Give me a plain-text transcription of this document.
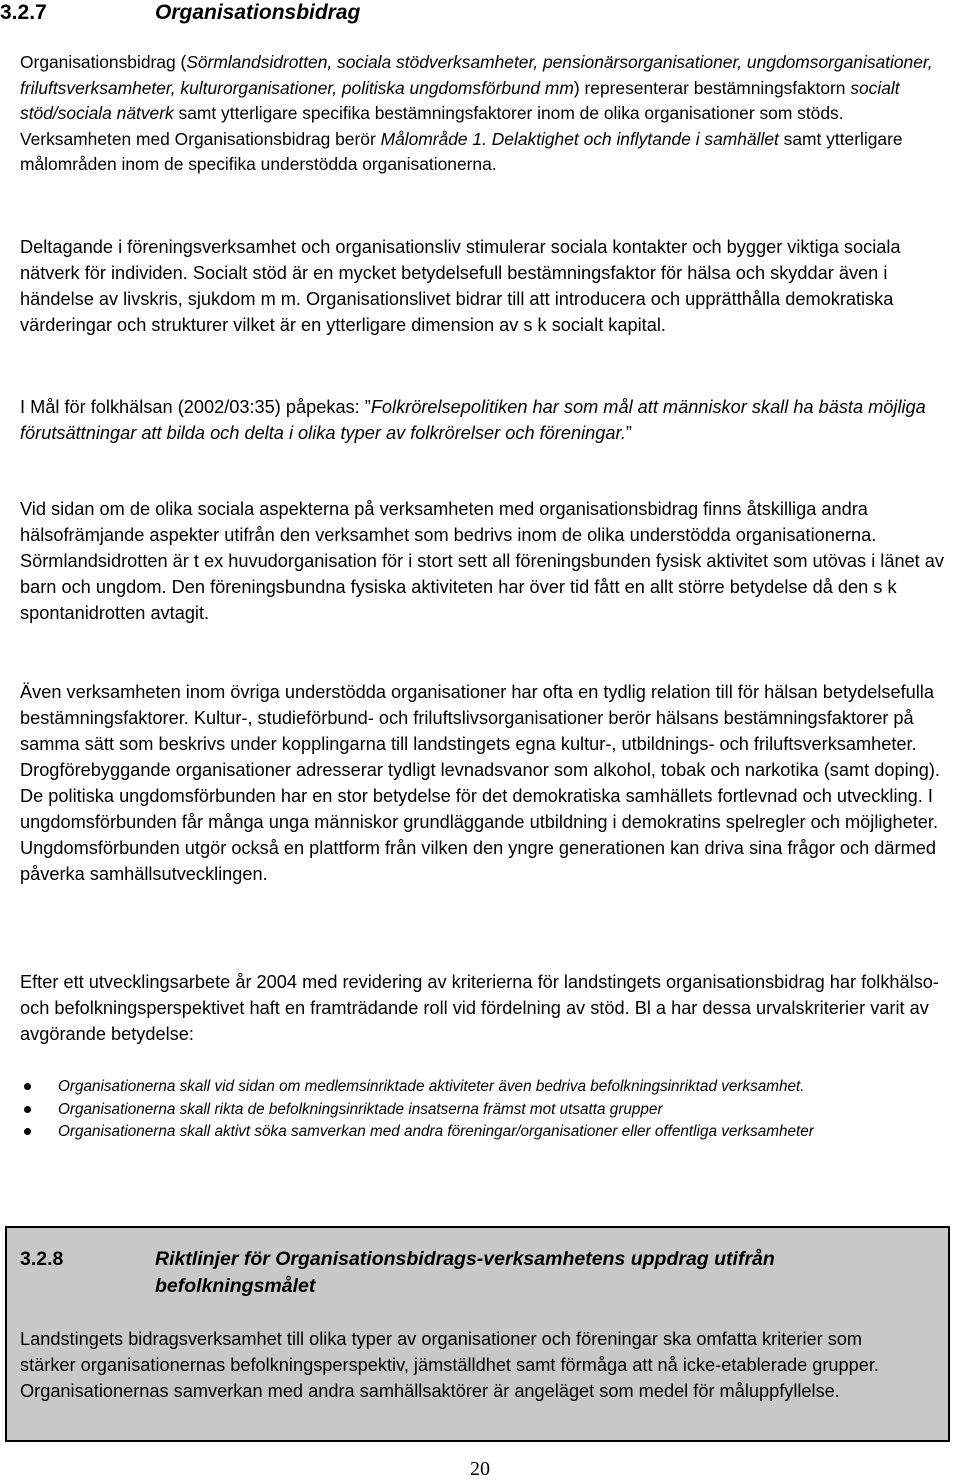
3.2.7	Organisationsbidrag

Organisationsbidrag (Sörmlandsidrotten, sociala stödverksamheter, pensionärsorganisationer, ungdomsorganisationer, friluftsverksamheter, kulturorganisationer, politiska ungdomsförbund mm) representerar bestämningsfaktorn socialt stöd/sociala nätverk samt ytterligare specifika bestämningsfaktorer inom de olika organisationer som stöds. Verksamheten med Organisationsbidrag berör Målområde 1. Delaktighet och inflytande i samhället samt ytterligare målområden inom de specifika understödda organisationerna.

Deltagande i föreningsverksamhet och organisationsliv stimulerar sociala kontakter och bygger viktiga sociala nätverk för individen. Socialt stöd är en mycket betydelsefull bestämningsfaktor för hälsa och skyddar även i händelse av livskris, sjukdom m m. Organisationslivet bidrar till att introducera och upprätthålla demokratiska värderingar och strukturer vilket är en ytterligare dimension av s k socialt kapital.

I Mål för folkhälsan (2002/03:35) påpekas: ”Folkrörelsepolitiken har som mål att människor skall ha bästa möjliga förutsättningar att bilda och delta i olika typer av folkrörelser och föreningar.”

Vid sidan om de olika sociala aspekterna på verksamheten med organisationsbidrag finns åtskilliga andra hälsofrämjande aspekter utifrån den verksamhet som bedrivs inom de olika understödda organisationerna. Sörmlandsidrotten är t ex huvudorganisation för i stort sett all föreningsbunden fysisk aktivitet som utövas i länet av barn och ungdom. Den föreningsbundna fysiska aktiviteten har över tid fått en allt större betydelse då den s k spontanidrotten avtagit.

Även verksamheten inom övriga understödda organisationer har ofta en tydlig relation till för hälsan betydelsefulla bestämningsfaktorer. Kultur-, studieförbund- och friluftslivsorganisationer berör hälsans bestämningsfaktorer på samma sätt som beskrivs under kopplingarna till landstingets egna kultur-, utbildnings- och friluftsverksamheter. Drogförebyggande organisationer adresserar tydligt levnadsvanor som alkohol, tobak och narkotika (samt doping). De politiska ungdomsförbunden har en stor betydelse för det demokratiska samhällets fortlevnad och utveckling. I ungdomsförbunden får många unga människor grundläggande utbildning i demokratins spelregler och möjligheter. Ungdomsförbunden utgör också en plattform från vilken den yngre generationen kan driva sina frågor och därmed påverka samhällsutvecklingen.

Efter ett utvecklingsarbete år 2004 med revidering av kriterierna för landstingets organisationsbidrag har folkhälso- och befolkningsperspektivet haft en framträdande roll vid fördelning av stöd. Bl a har dessa urvalskriterier varit av avgörande betydelse:

Organisationerna skall vid sidan om medlemsinriktade aktiviteter även bedriva befolkningsinriktad verksamhet.
Organisationerna skall rikta de befolkningsinriktade insatserna främst mot utsatta grupper
Organisationerna skall aktivt söka samverkan med andra föreningar/organisationer eller offentliga verksamheter
3.2.8	Riktlinjer för Organisationsbidrags-verksamhetens uppdrag utifrån befolkningsmålet
Landstingets bidragsverksamhet till olika typer av organisationer och föreningar ska omfatta kriterier som stärker organisationernas befolkningsperspektiv, jämställdhet samt förmåga att nå icke-etablerade grupper. Organisationernas samverkan med andra samhällsaktörer är angeläget som medel för måluppfyllelse.
20
